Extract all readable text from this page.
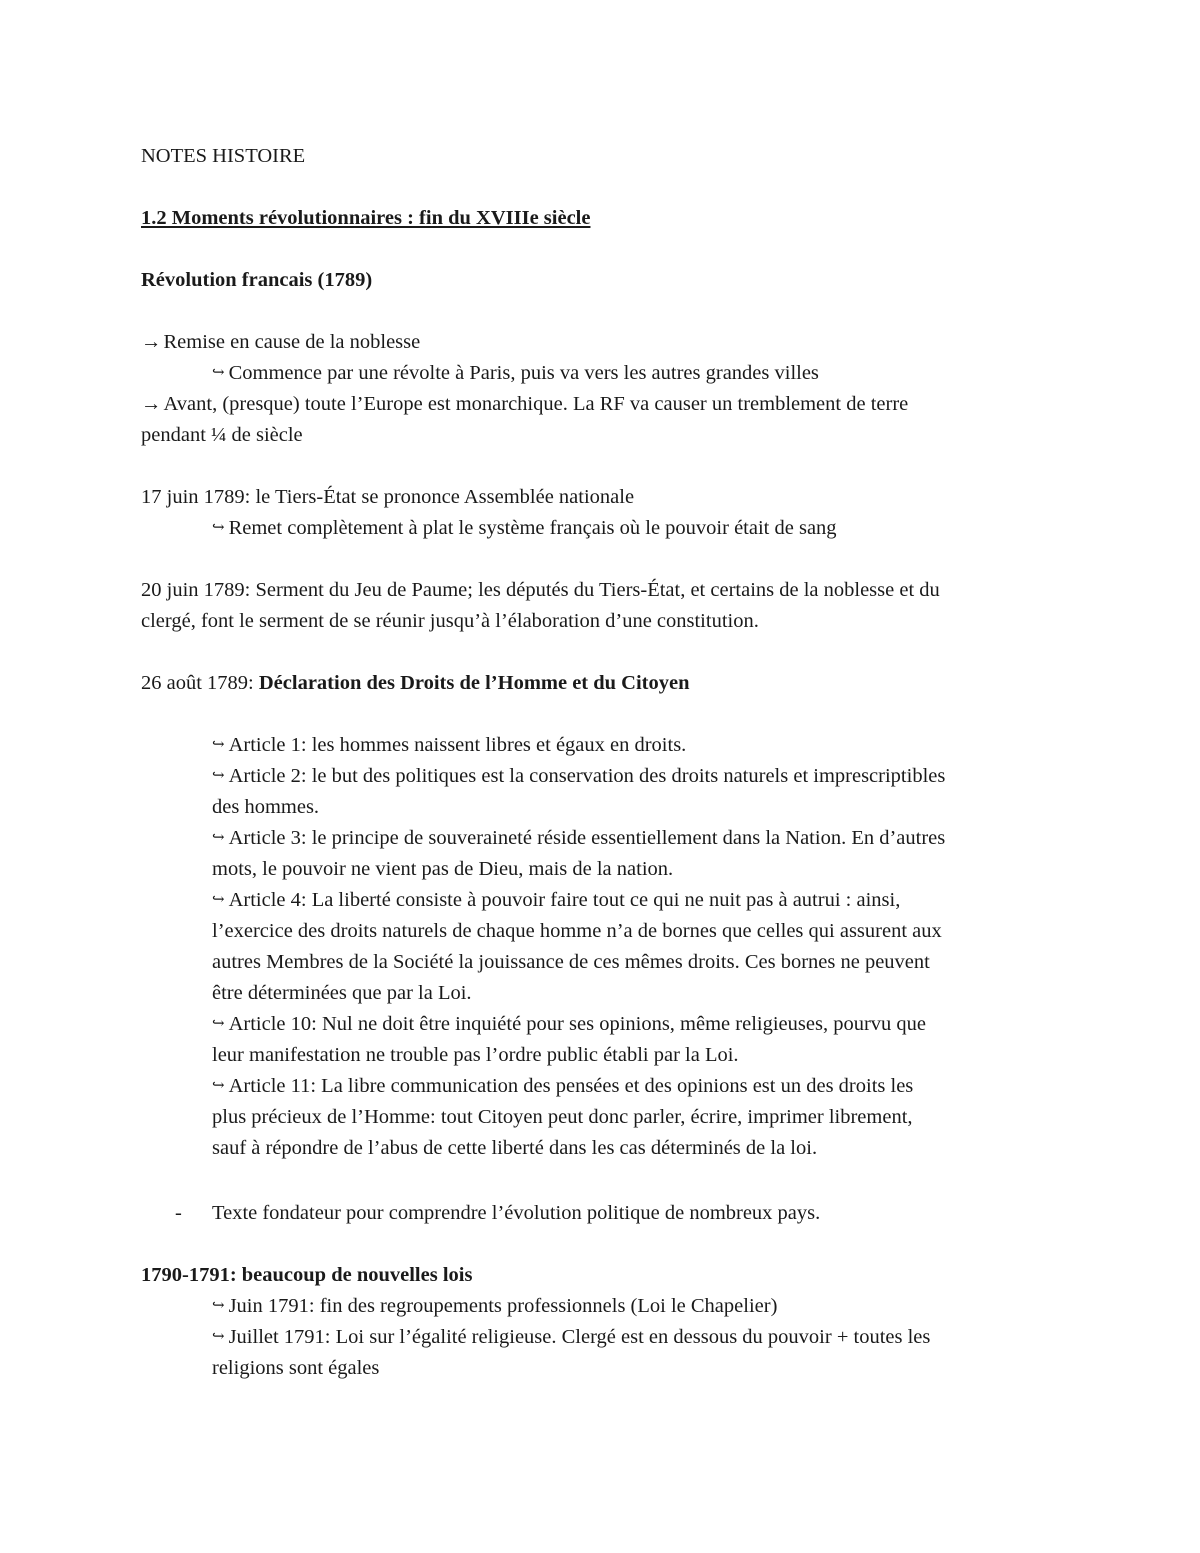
NOTES HISTOIRE
1.2 Moments révolutionnaires : fin du XVIIIe siècle
Révolution francais (1789)
→Remise en cause de la noblesse
↪ Commence par une révolte à Paris, puis va vers les autres grandes villes
→Avant, (presque) toute l’Europe est monarchique. La RF va causer un tremblement de terre
pendant ¼ de siècle
17 juin 1789: le Tiers-État se prononce Assemblée nationale
↪ Remet complètement à plat le système français où le pouvoir était de sang
20 juin 1789: Serment du Jeu de Paume; les députés du Tiers-État, et certains de la noblesse et du
clergé, font le serment de se réunir jusqu’à l’élaboration d’une constitution.
26 août 1789: Déclaration des Droits de l’Homme et du Citoyen
↪ Article 1: les hommes naissent libres et égaux en droits.
↪ Article 2: le but des politiques est la conservation des droits naturels et imprescriptibles
des hommes.
↪ Article 3: le principe de souveraineté réside essentiellement dans la Nation. En d’autres
mots, le pouvoir ne vient pas de Dieu, mais de la nation.
↪ Article 4: La liberté consiste à pouvoir faire tout ce qui ne nuit pas à autrui : ainsi,
l’exercice des droits naturels de chaque homme n’a de bornes que celles qui assurent aux
autres Membres de la Société la jouissance de ces mêmes droits. Ces bornes ne peuvent
être déterminées que par la Loi.
↪ Article 10: Nul ne doit être inquiété pour ses opinions, même religieuses, pourvu que
leur manifestation ne trouble pas l’ordre public établi par la Loi.
↪ Article 11: La libre communication des pensées et des opinions est un des droits les
plus précieux de l’Homme: tout Citoyen peut donc parler, écrire, imprimer librement,
sauf à répondre de l’abus de cette liberté dans les cas déterminés de la loi.
- Texte fondateur pour comprendre l’évolution politique de nombreux pays.
1790-1791: beaucoup de nouvelles lois
↪ Juin 1791: fin des regroupements professionnels (Loi le Chapelier)
↪ Juillet 1791: Loi sur l’égalité religieuse. Clergé est en dessous du pouvoir + toutes les
religions sont égales
